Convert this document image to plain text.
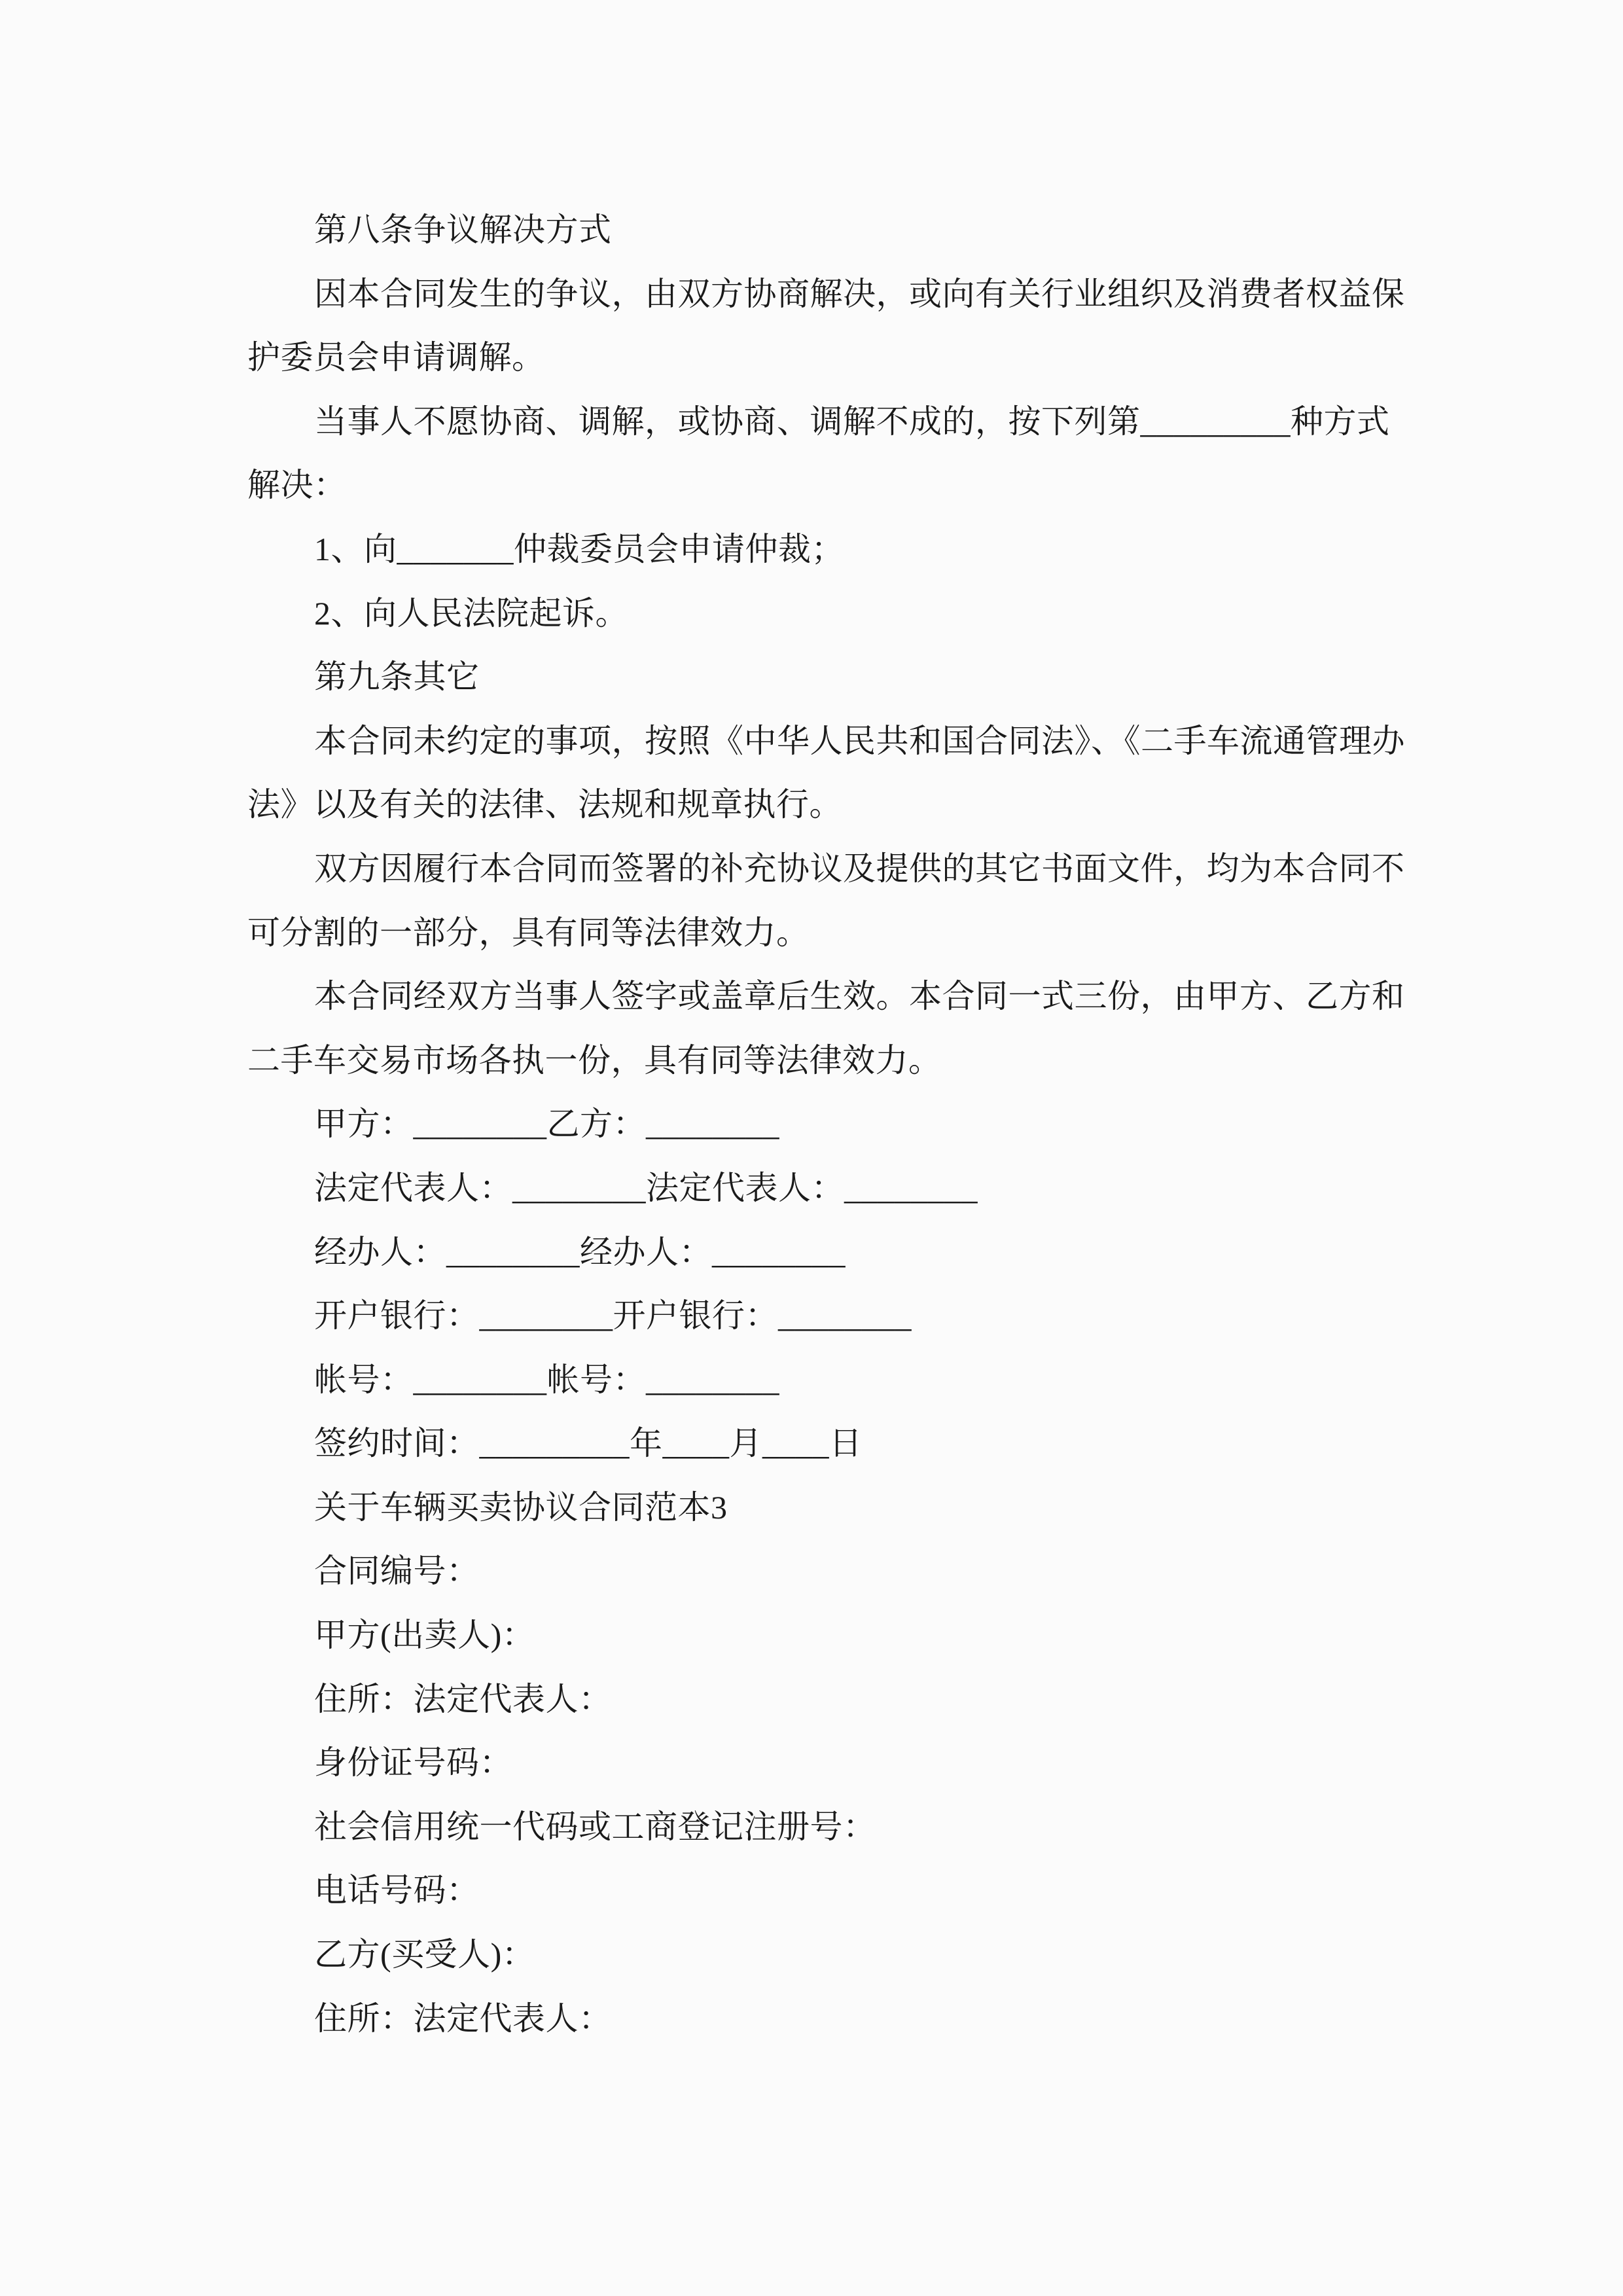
第八条争议解决方式
因本合同发生的争议，由双方协商解决，或向有关行业组织及消费者权益保
护委员会申请调解。
当事人不愿协商、调解，或协商、调解不成的，按下列第_________种方式
解决：
1、向_______仲裁委员会申请仲裁；
2、向人民法院起诉。
第九条其它
本合同未约定的事项，按照《中华人民共和国合同法》、《二手车流通管理办
法》以及有关的法律、法规和规章执行。
双方因履行本合同而签署的补充协议及提供的其它书面文件，均为本合同不
可分割的一部分，具有同等法律效力。
本合同经双方当事人签字或盖章后生效。本合同一式三份，由甲方、乙方和
二手车交易市场各执一份，具有同等法律效力。
甲方：________乙方：________
法定代表人：________法定代表人：________
经办人：________经办人：________
开户银行：________开户银行：________
帐号：________帐号：________
签约时间：_________年____月____日
关于车辆买卖协议合同范本3
合同编号：
甲方(出卖人)：
住所：法定代表人：
身份证号码：
社会信用统一代码或工商登记注册号：
电话号码：
乙方(买受人)：
住所：法定代表人：
